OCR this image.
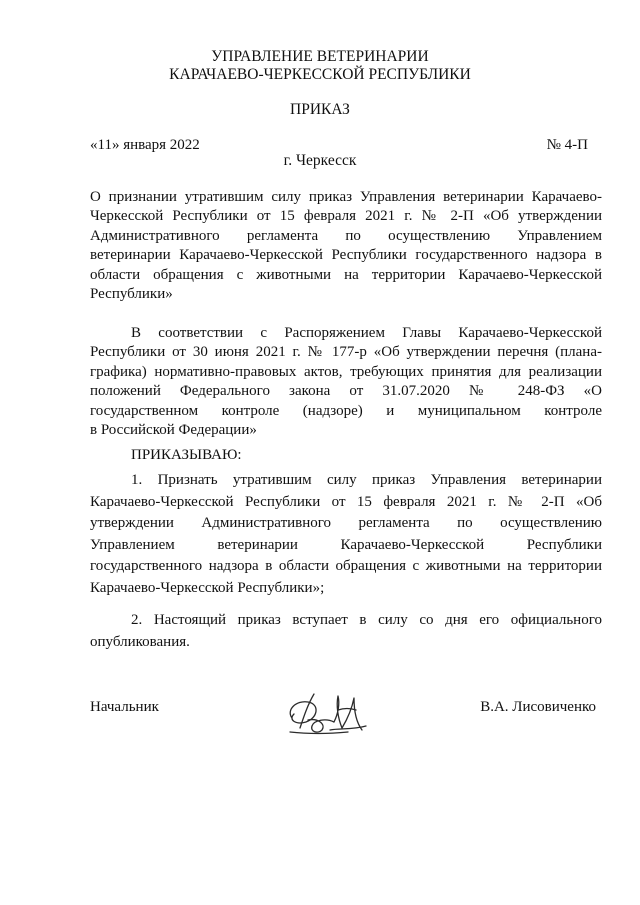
УПРАВЛЕНИЕ ВЕТЕРИНАРИИ
КАРАЧАЕВО-ЧЕРКЕССКОЙ РЕСПУБЛИКИ
ПРИКАЗ
«11» января 2022	№ 4-П
г. Черкесск
О признании утратившим силу приказ Управления ветеринарии Карачаево-
Черкесской Республики от 15 февраля 2021 г. № 2-П «Об утверждении
Административного регламента по осуществлению Управлением
ветеринарии Карачаево-Черкесской Республики государственного надзора в
области обращения с животными на территории Карачаево-Черкесской
Республики»
В соответствии с Распоряжением Главы Карачаево-Черкесской
Республики от 30 июня 2021 г. № 177-р «Об утверждении перечня (плана-
графика) нормативно-правовых актов, требующих принятия для реализации
положений Федерального закона от 31.07.2020 № 248-ФЗ «О
государственном контроле (надзоре) и муниципальном контроле
в Российской Федерации»
ПРИКАЗЫВАЮ:
1. Признать утратившим силу приказ Управления ветеринарии
Карачаево-Черкесской Республики от 15 февраля 2021 г. № 2-П «Об
утверждении Административного регламента по осуществлению
Управлением ветеринарии Карачаево-Черкесской Республики
государственного надзора в области обращения с животными на территории
Карачаево-Черкесской Республики»;
2. Настоящий приказ вступает в силу со дня его официального
опубликования.
Начальник	В.А. Лисовиченко
